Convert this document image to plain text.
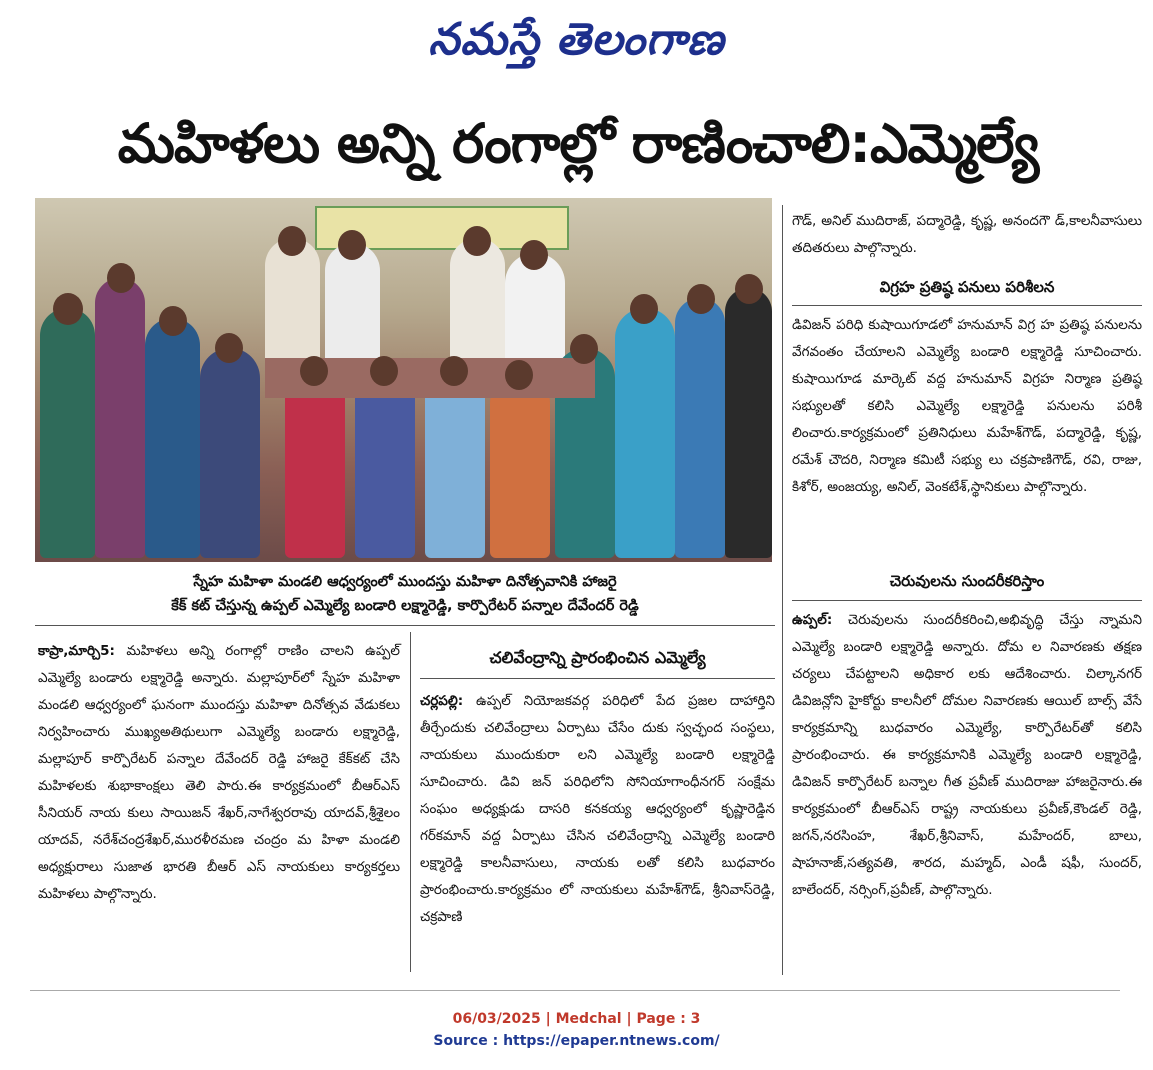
నమస్తే తెలంగాణ
మహిళలు అన్ని రంగాల్లో రాణించాలి:ఎమ్మెల్యే
స్నేహ మహిళా మండలి ఆధ్వర్యంలో ముందస్తు మహిళా దినోత్సవానికి హాజరై
కేక్ కట్ చేస్తున్న ఉప్పల్ ఎమ్మెల్యే బండారి లక్ష్మారెడ్డి, కార్పొరేటర్ పన్నాల దేవేందర్ రెడ్డి

కాప్రా,మార్చి5: మహిళలు అన్ని రంగాల్లో రాణిం చాలని ఉప్పల్ ఎమ్మెల్యే బండారు లక్ష్మారెడ్డి అన్నారు. మల్లాపూర్‌లో స్నేహ మహిళా మండలి ఆధ్వర్యంలో ఘనంగా ముందస్తు మహిళా దినోత్సవ వేడుకలు నిర్వహించారు ముఖ్యఅతిథులుగా ఎమ్మెల్యే బండారు లక్ష్మారెడ్డి, మల్లాపూర్ కార్పొరేటర్ పన్నాల దేవేందర్ రెడ్డి హాజరై కేక్‌కట్ చేసి మహిళలకు శుభాకాంక్షలు తెలి పారు.ఈ కార్యక్రమంలో బీఆర్ఎస్ సీనియర్ నాయ కులు సాయిజన్ శేఖర్,నాగేశ్వరరావు యాదవ్,శ్రీశైలం యాదవ్, నరేశ్‌చంద్రశేఖర్,మురళీరమణ చంద్రం మ హిళా మండలి అధ్యక్షురాలు సుజాత భారతి బీఆర్ ఎస్ నాయకులు కార్యకర్తలు మహిళలు పాల్గొన్నారు.

చలివేంద్రాన్ని ప్రారంభించిన ఎమ్మెల్యే

చర్లపల్లి: ఉప్పల్ నియోజకవర్గ పరిధిలో పేద ప్రజల దాహార్తిని తీర్చేందుకు చలివేంద్రాలు ఏర్పాటు చేసేం దుకు స్వచ్ఛంద సంస్థలు, నాయకులు ముందుకురా లని ఎమ్మెల్యే బండారి లక్ష్మారెడ్డి సూచించారు. డివి జన్ పరిధిలోని సోనియాగాంధీనగర్ సంక్షేమ సంఘం అధ్యక్షుడు దాసరి కనకయ్య ఆధ్వర్యంలో కృష్ణారెడ్డిన గర్‌కమాన్ వద్ద ఏర్పాటు చేసిన చలివేంద్రాన్ని ఎమ్మెల్యే బండారి లక్ష్మారెడ్డి కాలనీవాసులు, నాయకు లతో కలిసి బుధవారం ప్రారంభించారు.కార్యక్రమం లో నాయకులు మహేశ్‌గౌడ్, శ్రీనివాస్‌రెడ్డి, చక్రపాణి

గౌడ్, అనిల్ ముదిరాజ్, పద్మారెడ్డి, కృష్ణ, అనందగౌ డ్,కాలనీవాసులు తదితరులు పాల్గొన్నారు.
విగ్రహ ప్రతిష్ఠ పనులు పరిశీలన
డివిజన్ పరిధి కుషాయిగూడలో హనుమాన్ విగ్ర హ ప్రతిష్ఠ పనులను వేగవంతం చేయాలని ఎమ్మెల్యే బండారి లక్ష్మారెడ్డి సూచించారు. కుషాయిగూడ మార్కెట్ వద్ద హనుమాన్ విగ్రహ నిర్మాణ ప్రతిష్ఠ సభ్యులతో కలిసి ఎమ్మెల్యే లక్ష్మారెడ్డి పనులను పరిశీ లించారు.కార్యక్రమంలో ప్రతినిధులు మహేశ్‌గౌడ్, పద్మారెడ్డి, కృష్ణ, రమేశ్ చౌదరి, నిర్మాణ కమిటీ సభ్యు లు చక్రపాణిగౌడ్, రవి, రాజు, కిశోర్, అంజయ్య, అనిల్, వెంకటేశ్,స్థానికులు పాల్గొన్నారు.
చెరువులను సుందరీకరిస్తాం

ఉప్పల్: చెరువులను సుందరీకరించి,అభివృద్ధి చేస్తు న్నామని ఎమ్మెల్యే బండారి లక్ష్మారెడ్డి అన్నారు. దోమ ల నివారణకు తక్షణ చర్యలు చేపట్టాలని అధికార లకు ఆదేశించారు. చిల్కానగర్ డివిజన్లోని హైకోర్టు కాలనీలో దోమల నివారణకు ఆయిల్ బాల్స్ వేసే కార్యక్రమాన్ని బుధవారం ఎమ్మెల్యే, కార్పొరేటర్‌తో కలిసి ప్రారంభించారు. ఈ కార్యక్రమానికి ఎమ్మెల్యే బండారి లక్ష్మారెడ్డి, డివిజన్ కార్పొరేటర్ బన్నాల గీత ప్రవీణ్ ముదిరాజు హాజరైనారు.ఈ కార్యక్రమంలో బీఆర్ఎస్ రాష్ట్ర నాయకులు ప్రవీణ్,కౌండల్ రెడ్డి, జగన్,నరసింహ, శేఖర్,శ్రీనివాస్, మహేందర్, బాలు, షాహనాజ్,సత్యవతి, శారద, మహ్మద్, ఎండీ షఫీ, సుందర్, బాలేందర్, నర్సింగ్,ప్రవీణ్, పాల్గొన్నారు.

06/03/2025 | Medchal | Page : 3
Source : https://epaper.ntnews.com/
